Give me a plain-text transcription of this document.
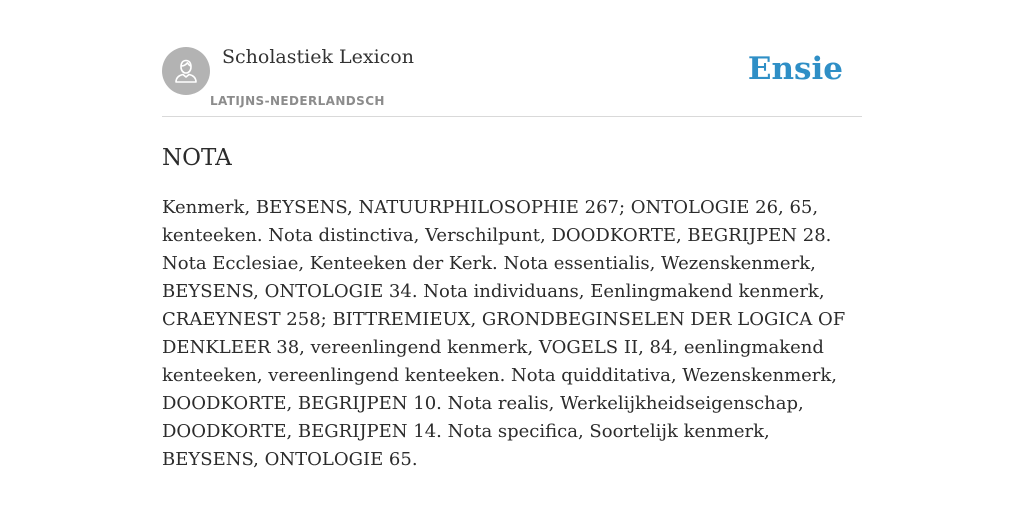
Scholastiek Lexicon
LATIJNS-NEDERLANDSCH
Ensie
NOTA

Kenmerk, BEYSENS, NATUURPHILOSOPHIE 267; ONTOLOGIE 26, 65, kenteeken. Nota distinctiva, Verschilpunt, DOODKORTE, BEGRIJPEN 28. Nota Ecclesiae, Kenteeken der Kerk. Nota essentialis, Wezenskenmerk, BEYSENS, ONTOLOGIE 34. Nota individuans, Eenlingmakend kenmerk, CRAEYNEST 258; BITTREMIEUX, GRONDBEGINSELEN DER LOGICA OF DENKLEER 38, vereenlingend kenmerk, VOGELS II, 84, eenlingmakend kenteeken, vereenlingend kenteeken. Nota quidditativa, Wezenskenmerk, DOODKORTE, BEGRIJPEN 10. Nota realis, Werkelijkheidseigenschap, DOODKORTE, BEGRIJPEN 14. Nota specifica, Soortelijk kenmerk, BEYSENS, ONTOLOGIE 65.
